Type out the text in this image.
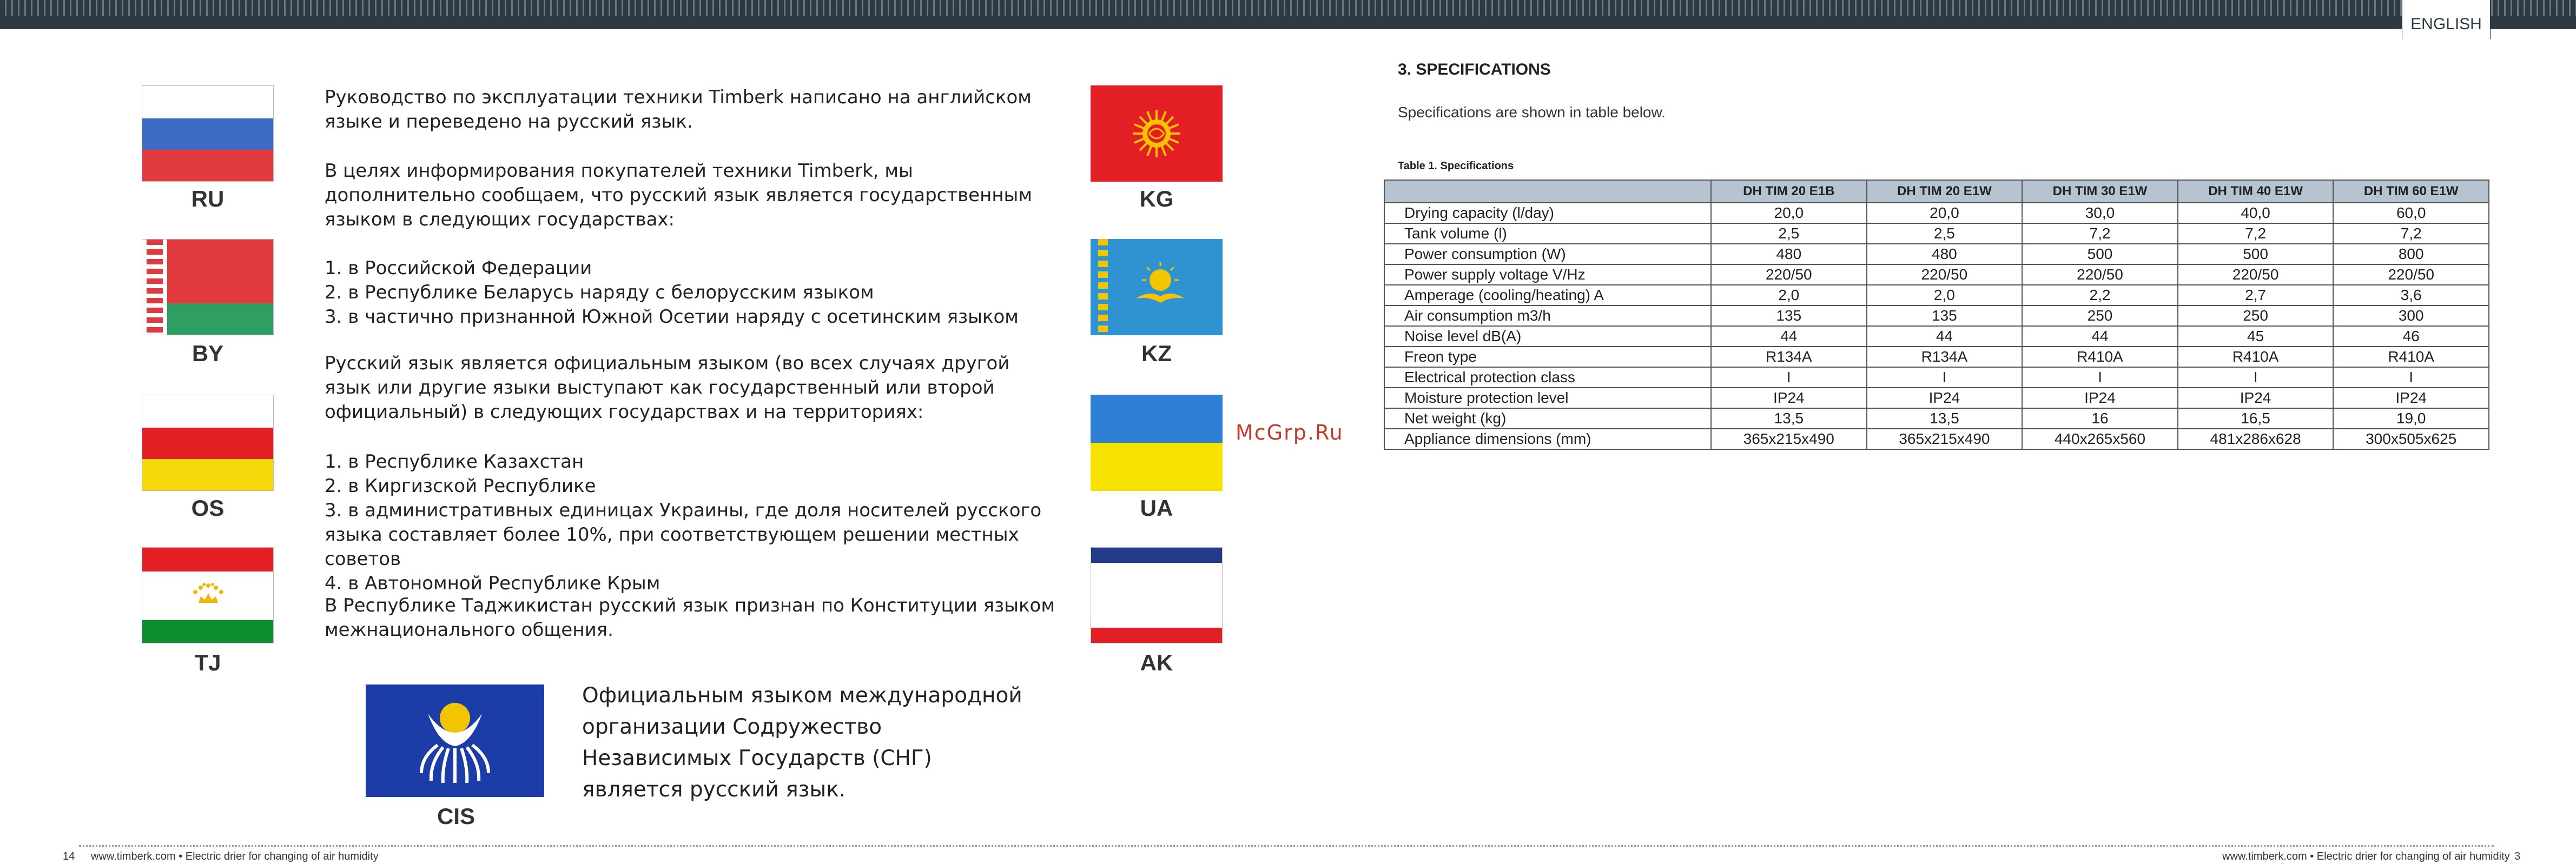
ENGLISH
RU
BY
OS
TJ
KG
KZ
UA
AK
CIS

Руководство по эксплуатации техники Timberk написано на английском языке и переведено на русский язык.

В целях информирования покупателей техники Timberk, мы дополнительно сообщаем, что русский язык является государственным языком в следующих государствах:

1. в Российской Федерации

2. в Республике Беларусь наряду с белорусским языком

3. в частично признанной Южной Осетии наряду с осетинским языком

Русский язык является официальным языком (во всех случаях другой язык или другие языки выступают как государственный или второй официальный) в следующих государствах и на территориях:

1. в Республике Казахстан

2. в Киргизской Республике

3. в административных единицах Украины, где доля носителей русского языка составляет более 10%, при соответствующем решении местных советов

4. в Автономной Республике Крым

В Республике Таджикистан русский язык признан по Конституции языком межнационального общения.

Официальным языком международной
организации Содружество
Независимых Государств (СНГ)
является русский язык.
McGrp.Ru
3. SPECIFICATIONS
Specifications are shown in table below.
Table 1. Specifications
	DH TIM 20 E1B	DH TIM 20 E1W	DH TIM 30 E1W	DH TIM 40 E1W	DH TIM 60 E1W
Drying capacity (l/day)	20,0	20,0	30,0	40,0	60,0
Tank volume (l)	2,5	2,5	7,2	7,2	7,2
Power consumption (W)	480	480	500	500	800
Power supply voltage V/Hz	220/50	220/50	220/50	220/50	220/50
Amperage (cooling/heating) A	2,0	2,0	2,2	2,7	3,6
Air consumption m3/h	135	135	250	250	300
Noise level dB(A)	44	44	44	45	46
Freon type	R134A	R134A	R410A	R410A	R410A
Electrical protection class	I	I	I	I	I
Moisture protection level	IP24	IP24	IP24	IP24	IP24
Net weight (kg)	13,5	13,5	16	16,5	19,0
Appliance dimensions (mm)	365x215x490	365x215x490	440x265x560	481x286x628	300x505x625
14 www.timberk.com • Electric drier for changing of air humidity	www.timberk.com • Electric drier for changing of air humidity 3
